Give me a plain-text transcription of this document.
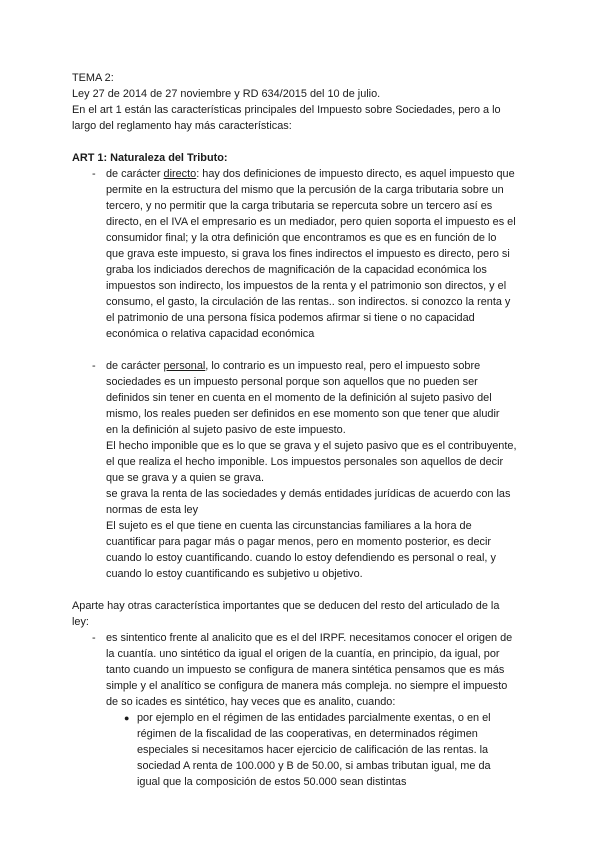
TEMA 2:
Ley 27 de 2014 de 27 noviembre y RD 634/2015 del 10 de julio.
En el art 1 están las características principales del Impuesto sobre Sociedades, pero a lo
largo del reglamento hay más características:
ART 1: Naturaleza del Tributo:
- de carácter directo: hay dos definiciones de impuesto directo, es aquel impuesto que
permite en la estructura del mismo que la percusión de la carga tributaria sobre un
tercero, y no permitir que la carga tributaria se repercuta sobre un tercero así es
directo, en el IVA el empresario es un mediador, pero quien soporta el impuesto es el
consumidor final; y la otra definición que encontramos es que es en función de lo
que grava este impuesto, si grava los fines indirectos el impuesto es directo, pero si
graba los indiciados derechos de magnificación de la capacidad económica los
impuestos son indirecto, los impuestos de la renta y el patrimonio son directos, y el
consumo, el gasto, la circulación de las rentas.. son indirectos. si conozco la renta y
el patrimonio de una persona física podemos afirmar si tiene o no capacidad
económica o relativa capacidad económica
- de carácter personal, lo contrario es un impuesto real, pero el impuesto sobre
sociedades es un impuesto personal porque son aquellos que no pueden ser
definidos sin tener en cuenta en el momento de la definición al sujeto pasivo del
mismo, los reales pueden ser definidos en ese momento son que tener que aludir
en la definición al sujeto pasivo de este impuesto.
El hecho imponible que es lo que se grava y el sujeto pasivo que es el contribuyente,
el que realiza el hecho imponible. Los impuestos personales son aquellos de decir
que se grava y a quien se grava.
se grava la renta de las sociedades y demás entidades jurídicas de acuerdo con las
normas de esta ley
El sujeto es el que tiene en cuenta las circunstancias familiares a la hora de
cuantificar para pagar más o pagar menos, pero en momento posterior, es decir
cuando lo estoy cuantificando. cuando lo estoy defendiendo es personal o real, y
cuando lo estoy cuantificando es subjetivo u objetivo.
Aparte hay otras característica importantes que se deducen del resto del articulado de la
ley:
- es sintentico frente al analicito que es el del IRPF. necesitamos conocer el origen de
la cuantía. uno sintético da igual el origen de la cuantía, en principio, da igual, por
tanto cuando un impuesto se configura de manera sintética pensamos que es más
simple y el analítico se configura de manera más compleja. no siempre el impuesto
de so icades es sintético, hay veces que es analito, cuando:
● por ejemplo en el régimen de las entidades parcialmente exentas, o en el
régimen de la fiscalidad de las cooperativas, en determinados régimen
especiales si necesitamos hacer ejercicio de calificación de las rentas. la
sociedad A renta de 100.000 y B de 50.00, si ambas tributan igual, me da
igual que la composición de estos 50.000 sean distintas
